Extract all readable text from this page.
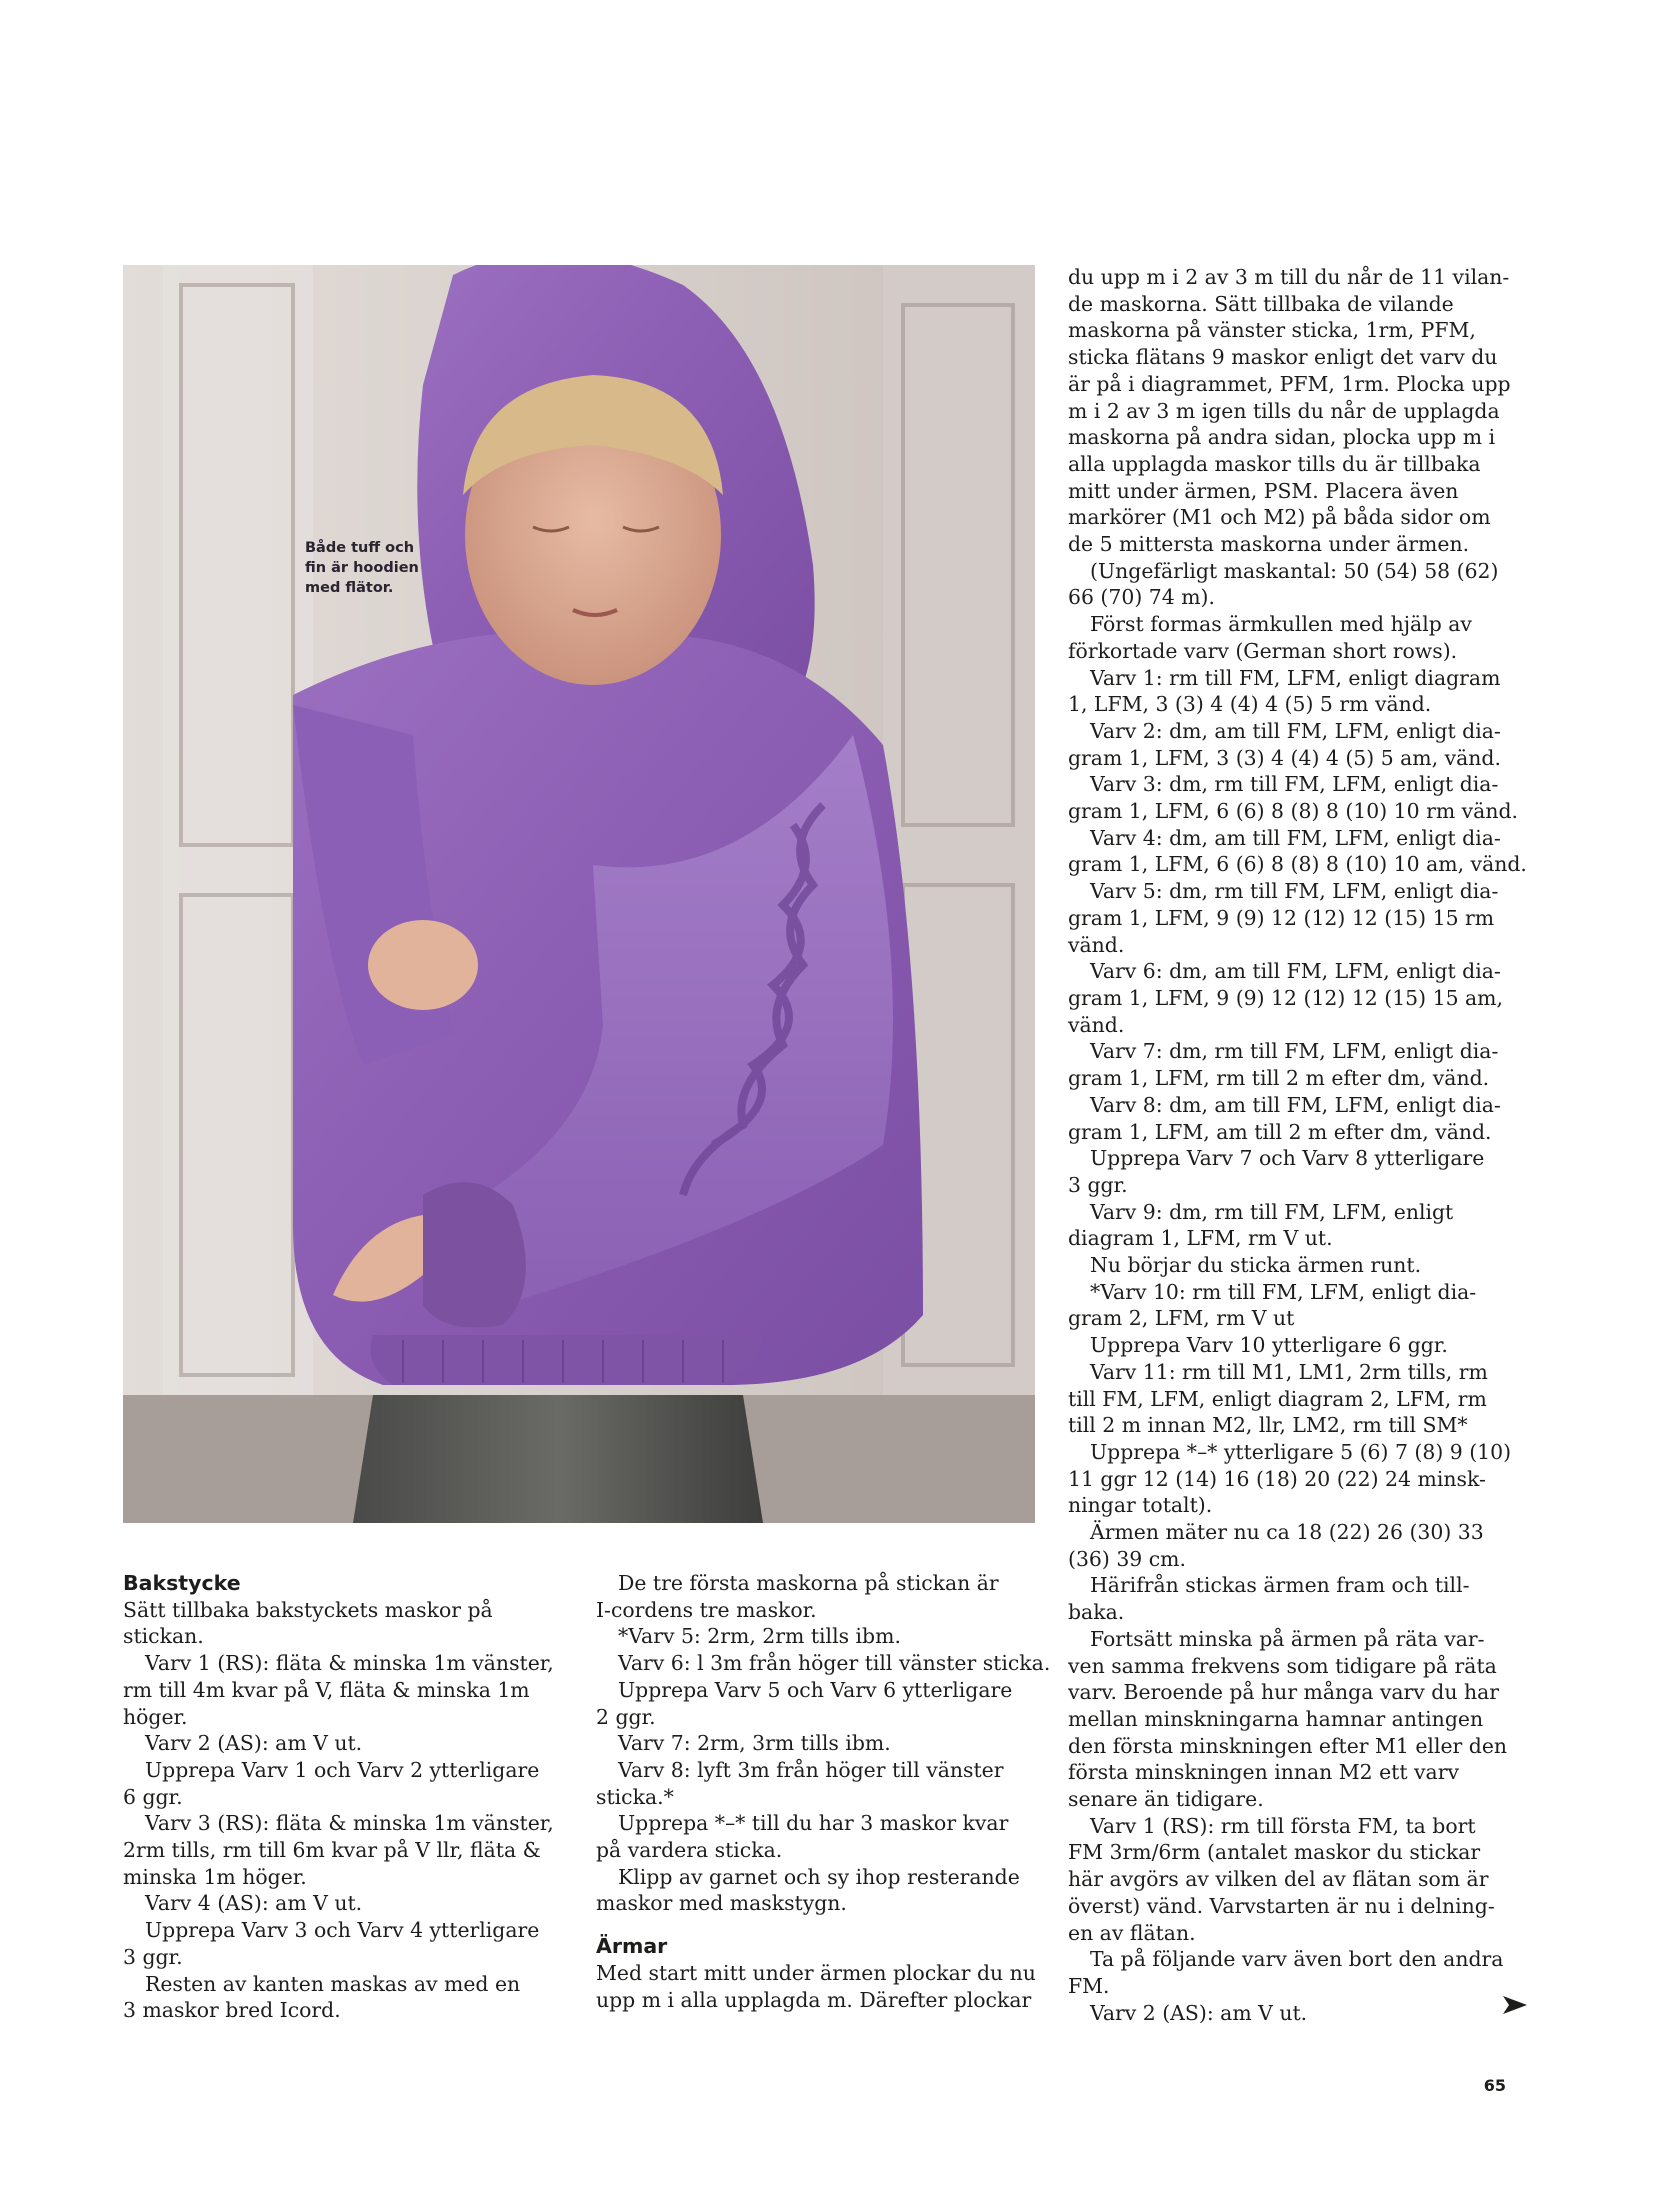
Både tuff och
fin är hoodien
med flätor.
Bakstycke

Sätt tillbaka bakstyckets maskor på

stickan.

Varv 1 (RS): fläta & minska 1m vänster,

rm till 4m kvar på V, fläta & minska 1m

höger.

Varv 2 (AS): am V ut.

Upprepa Varv 1 och Varv 2 ytterligare

6 ggr.

Varv 3 (RS): fläta & minska 1m vänster,

2rm tills, rm till 6m kvar på V llr, fläta &

minska 1m höger.

Varv 4 (AS): am V ut.

Upprepa Varv 3 och Varv 4 ytterligare

3 ggr.

Resten av kanten maskas av med en

3 maskor bred Icord.

De tre första maskorna på stickan är

I-cordens tre maskor.

*Varv 5: 2rm, 2rm tills ibm.

Varv 6: l 3m från höger till vänster sticka.

Upprepa Varv 5 och Varv 6 ytterligare

2 ggr.

Varv 7: 2rm, 3rm tills ibm.

Varv 8: lyft 3m från höger till vänster

sticka.*

Upprepa *–* till du har 3 maskor kvar

på vardera sticka.

Klipp av garnet och sy ihop resterande

maskor med maskstygn.

Ärmar

Med start mitt under ärmen plockar du nu

upp m i alla upplagda m. Därefter plockar

du upp m i 2 av 3 m till du når de 11 vilan-

de maskorna. Sätt tillbaka de vilande

maskorna på vänster sticka, 1rm, PFM,

sticka flätans 9 maskor enligt det varv du

är på i diagrammet, PFM, 1rm. Plocka upp

m i 2 av 3 m igen tills du når de upplagda

maskorna på andra sidan, plocka upp m i

alla upplagda maskor tills du är tillbaka

mitt under ärmen, PSM. Placera även

markörer (M1 och M2) på båda sidor om

de 5 mittersta maskorna under ärmen.

(Ungefärligt maskantal: 50 (54) 58 (62)

66 (70) 74 m).

Först formas ärmkullen med hjälp av

förkortade varv (German short rows).

Varv 1: rm till FM, LFM, enligt diagram

1, LFM, 3 (3) 4 (4) 4 (5) 5 rm vänd.

Varv 2: dm, am till FM, LFM, enligt dia-

gram 1, LFM, 3 (3) 4 (4) 4 (5) 5 am, vänd.

Varv 3: dm, rm till FM, LFM, enligt dia-

gram 1, LFM, 6 (6) 8 (8) 8 (10) 10 rm vänd.

Varv 4: dm, am till FM, LFM, enligt dia-

gram 1, LFM, 6 (6) 8 (8) 8 (10) 10 am, vänd.

Varv 5: dm, rm till FM, LFM, enligt dia-

gram 1, LFM, 9 (9) 12 (12) 12 (15) 15 rm

vänd.

Varv 6: dm, am till FM, LFM, enligt dia-

gram 1, LFM, 9 (9) 12 (12) 12 (15) 15 am,

vänd.

Varv 7: dm, rm till FM, LFM, enligt dia-

gram 1, LFM, rm till 2 m efter dm, vänd.

Varv 8: dm, am till FM, LFM, enligt dia-

gram 1, LFM, am till 2 m efter dm, vänd.

Upprepa Varv 7 och Varv 8 ytterligare

3 ggr.

Varv 9: dm, rm till FM, LFM, enligt

diagram 1, LFM, rm V ut.

Nu börjar du sticka ärmen runt.

*Varv 10: rm till FM, LFM, enligt dia-

gram 2, LFM, rm V ut

Upprepa Varv 10 ytterligare 6 ggr.

Varv 11: rm till M1, LM1, 2rm tills, rm

till FM, LFM, enligt diagram 2, LFM, rm

till 2 m innan M2, llr, LM2, rm till SM*

Upprepa *–* ytterligare 5 (6) 7 (8) 9 (10)

11 ggr 12 (14) 16 (18) 20 (22) 24 minsk-

ningar totalt).

Ärmen mäter nu ca 18 (22) 26 (30) 33

(36) 39 cm.

Härifrån stickas ärmen fram och till-

baka.

Fortsätt minska på ärmen på räta var-

ven samma frekvens som tidigare på räta

varv. Beroende på hur många varv du har

mellan minskningarna hamnar antingen

den första minskningen efter M1 eller den

första minskningen innan M2 ett varv

senare än tidigare.

Varv 1 (RS): rm till första FM, ta bort

FM 3rm/6rm (antalet maskor du stickar

här avgörs av vilken del av flätan som är

överst) vänd. Varvstarten är nu i delning-

en av flätan.

Ta på följande varv även bort den andra

FM.

Varv 2 (AS): am V ut.

65
